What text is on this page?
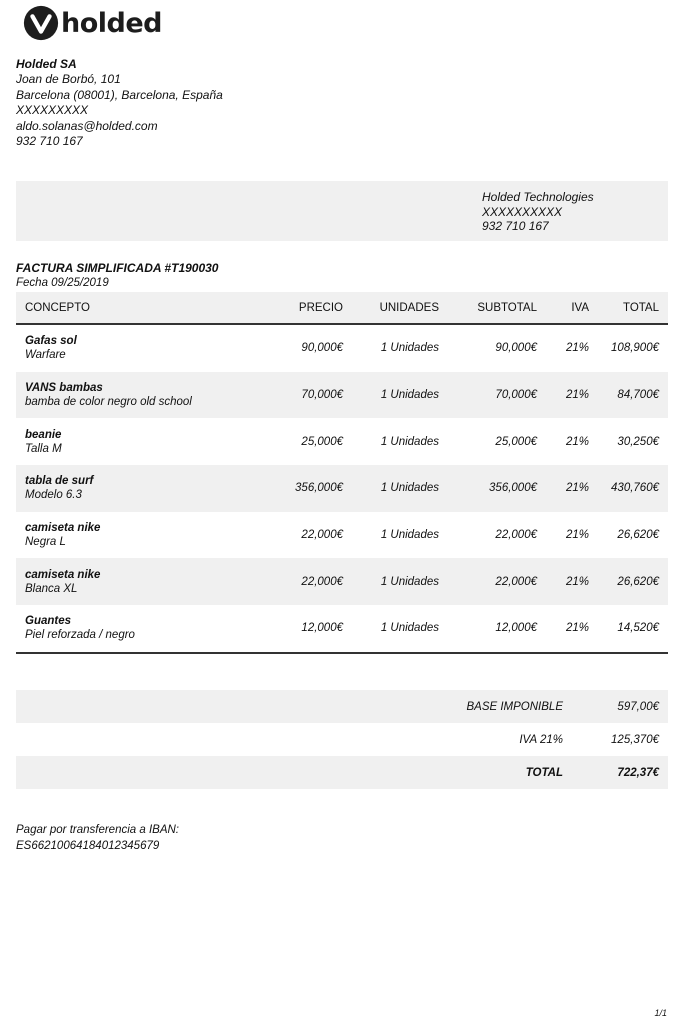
holded
Holded SA
Joan de Borbó, 101
Barcelona (08001), Barcelona, España
XXXXXXXXX
aldo.solanas@holded.com
932 710 167
Holded Technologies
XXXXXXXXXX
932 710 167
FACTURA SIMPLIFICADA #T190030
Fecha 09/25/2019
CONCEPTO	PRECIO	UNIDADES	SUBTOTAL	IVA	TOTAL

Gafas sol
Warfare	90,000€	1 Unidades	90,000€	21%	108,900€

VANS bambas
bamba de color negro old school	70,000€	1 Unidades	70,000€	21%	84,700€

beanie
Talla M	25,000€	1 Unidades	25,000€	21%	30,250€

tabla de surf
Modelo 6.3	356,000€	1 Unidades	356,000€	21%	430,760€

camiseta nike
Negra L	22,000€	1 Unidades	22,000€	21%	26,620€

camiseta nike
Blanca XL	22,000€	1 Unidades	22,000€	21%	26,620€

Guantes
Piel reforzada / negro	12,000€	1 Unidades	12,000€	21%	14,520€
	BASE IMPONIBLE	597,00€
	IVA 21%	125,370€
	TOTAL	722,37€
Pagar por transferencia a IBAN:
ES6621006418401234567​9
1/1
